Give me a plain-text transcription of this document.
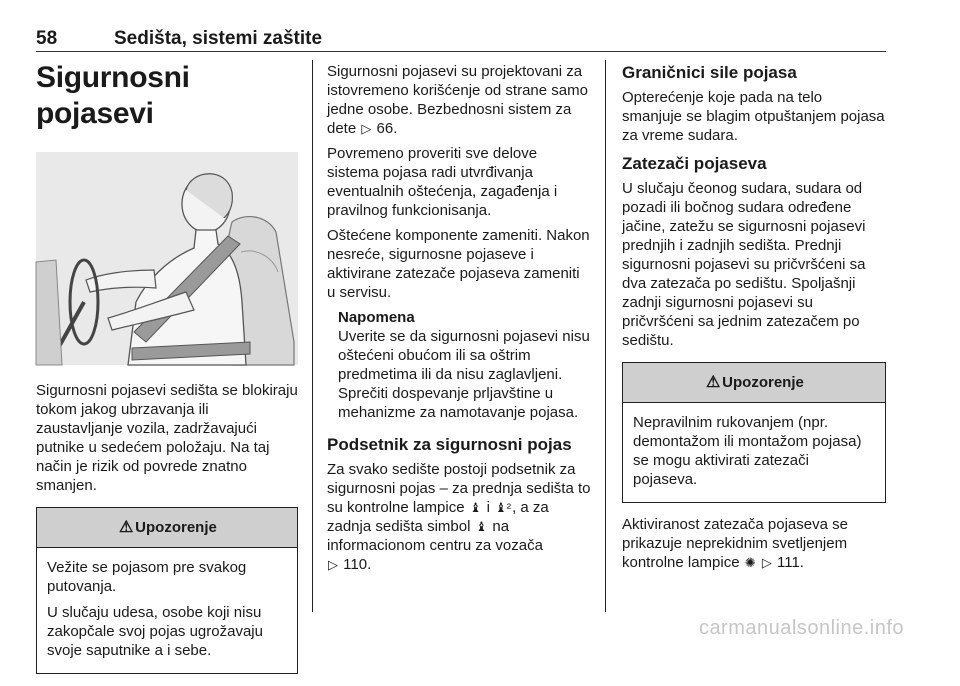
58	Sedišta, sistemi zaštite
Sigurnosni pojasevi

Sigurnosni pojasevi sedišta se blokiraju tokom jakog ubrzavanja ili zaustavljanje vozila, zadržavajući putnike u sedećem položaju. Na taj način je rizik od povrede znatno smanjen.

⚠ Upozorenje

Vežite se pojasom pre svakog putovanja.

U slučaju udesa, osobe koji nisu zakopčale svoj pojas ugrožavaju svoje saputnike a i sebe.

Sigurnosni pojasevi su projektovani za istovremeno korišćenje od strane samo jedne osobe. Bezbednosni sistem za dete ▷ 66.

Povremeno proveriti sve delove sistema pojasa radi utvrđivanja eventualnih oštećenja, zagađenja i pravilnog funkcionisanja.

Oštećene komponente zameniti. Nakon nesreće, sigurnosne pojaseve i aktivirane zatezače pojaseva zameniti u servisu.

Napomena

Uverite se da sigurnosni pojasevi nisu oštećeni obućom ili sa oštrim predmetima ili da nisu zaglavljeni. Sprečiti dospevanje prljavštine u mehanizme za namotavanje pojasa.

Podsetnik za sigurnosni pojas

Za svako sedište postoji podsetnik za sigurnosni pojas – za prednja sedišta to su kontrolne lampice ♝ i ♝², a za zadnja sedišta simbol ♝ na informacionom centru za vozača
▷ 110.

Graničnici sile pojasa

Opterećenje koje pada na telo smanjuje se blagim otpuštanjem pojasa za vreme sudara.

Zatezači pojaseva

U slučaju čeonog sudara, sudara od pozadi ili bočnog sudara određene jačine, zatežu se sigurnosni pojasevi prednjih i zadnjih sedišta. Prednji sigurnosni pojasevi su pričvršćeni sa dva zatezača po sedištu. Spoljašnji zadnji sigurnosni pojasevi su pričvršćeni sa jednim zatezačem po sedištu.

⚠ Upozorenje

Nepravilnim rukovanjem (npr. demontažom ili montažom pojasa) se mogu aktivirati zatezači pojaseva.

Aktiviranost zatezača pojaseva se prikazuje neprekidnim svetljenjem kontrolne lampice ✺ ▷ 111.

carmanualsonline.info
